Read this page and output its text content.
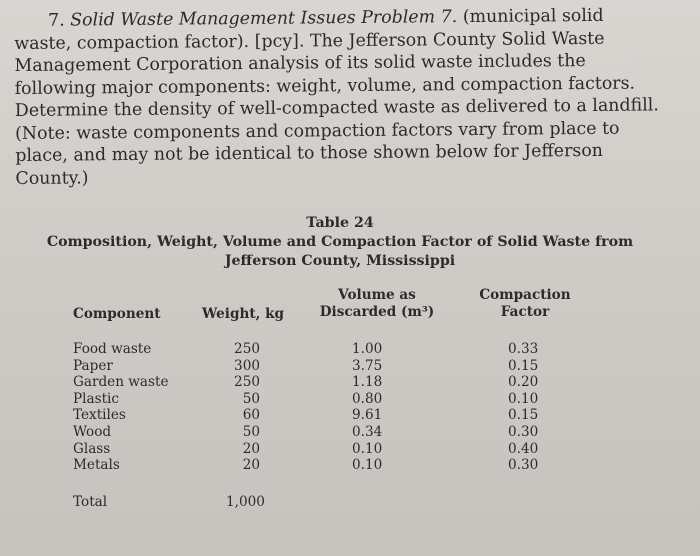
7. Solid Waste Management Issues Problem 7. (municipal solid waste, compaction factor). [pcy]. The Jefferson County Solid Waste Management Corporation analysis of its solid waste includes the following major components: weight, volume, and compaction factors. Determine the density of well-compacted waste as delivered to a landfill. (Note: waste components and compaction factors vary from place to place, and may not be identical to those shown below for Jefferson County.)
Table 24
Composition, Weight, Volume and Compaction Factor of Solid Waste from
Jefferson County, Mississippi
Component	Weight, kg
Volume as
Discarded (m³)
Compaction
Factor
Food waste
Paper
Garden waste
Plastic
Textiles
Wood
Glass
Metals
250
300
250
50
60
50
20
20
1.00
3.75
1.18
0.80
9.61
0.34
0.10
0.10
0.33
0.15
0.20
0.10
0.15
0.30
0.40
0.30
Total	1,000
